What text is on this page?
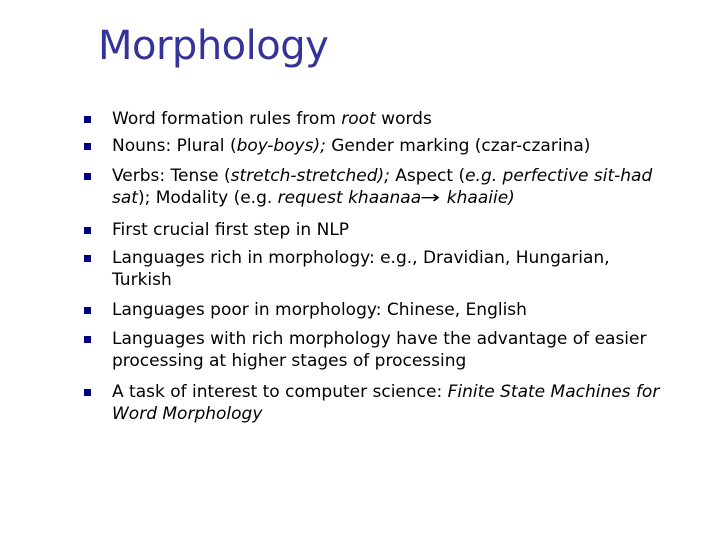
Morphology
Word formation rules from root words
Nouns: Plural (boy-boys); Gender marking (czar-czarina)
Verbs: Tense (stretch-stretched); Aspect (e.g. perfective sit-had
sat); Modality (e.g. request khaanaa→ khaaiie)
First crucial first step in NLP
Languages rich in morphology: e.g., Dravidian, Hungarian,
Turkish
Languages poor in morphology: Chinese, English
Languages with rich morphology have the advantage of easier
processing at higher stages of processing
A task of interest to computer science: Finite State Machines for
Word Morphology
